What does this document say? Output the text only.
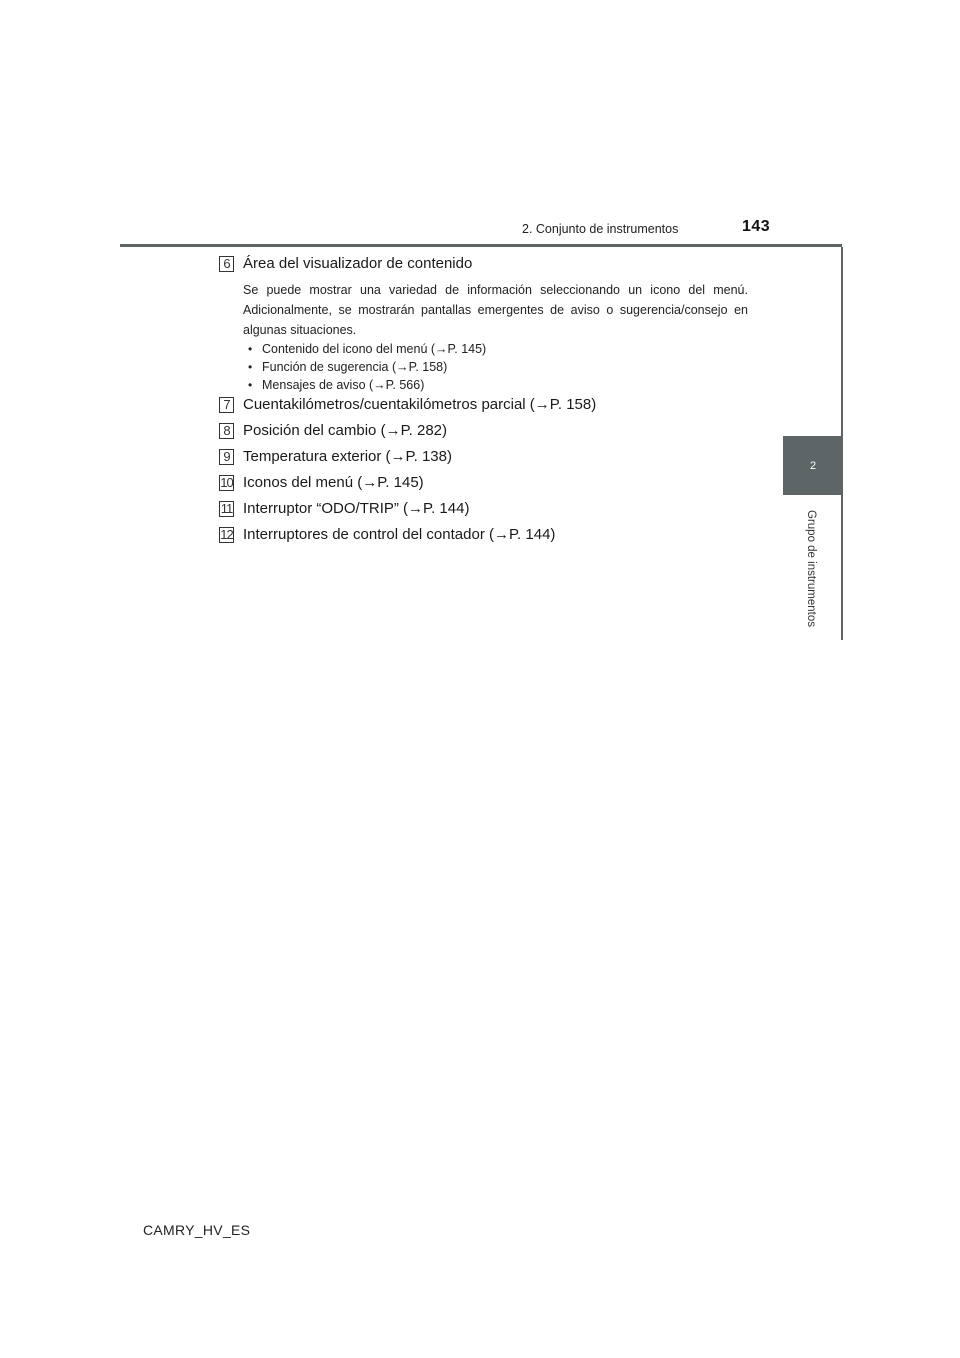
2. Conjunto de instrumentos	143
2
Grupo de instrumentos
6 Área del visualizador de contenido
Se puede mostrar una variedad de información seleccionando un icono del menú. Adicionalmente, se mostrarán pantallas emergentes de aviso o sugerencia/consejo en algunas situaciones.
• Contenido del icono del menú (→P. 145)
• Función de sugerencia (→P. 158)
• Mensajes de aviso (→P. 566)
7 Cuentakilómetros/cuentakilómetros parcial (→P. 158)
8 Posición del cambio (→P. 282)
9 Temperatura exterior (→P. 138)
10 Iconos del menú (→P. 145)
11 Interruptor “ODO/TRIP” (→P. 144)
12 Interruptores de control del contador (→P. 144)
CAMRY_HV_ES
